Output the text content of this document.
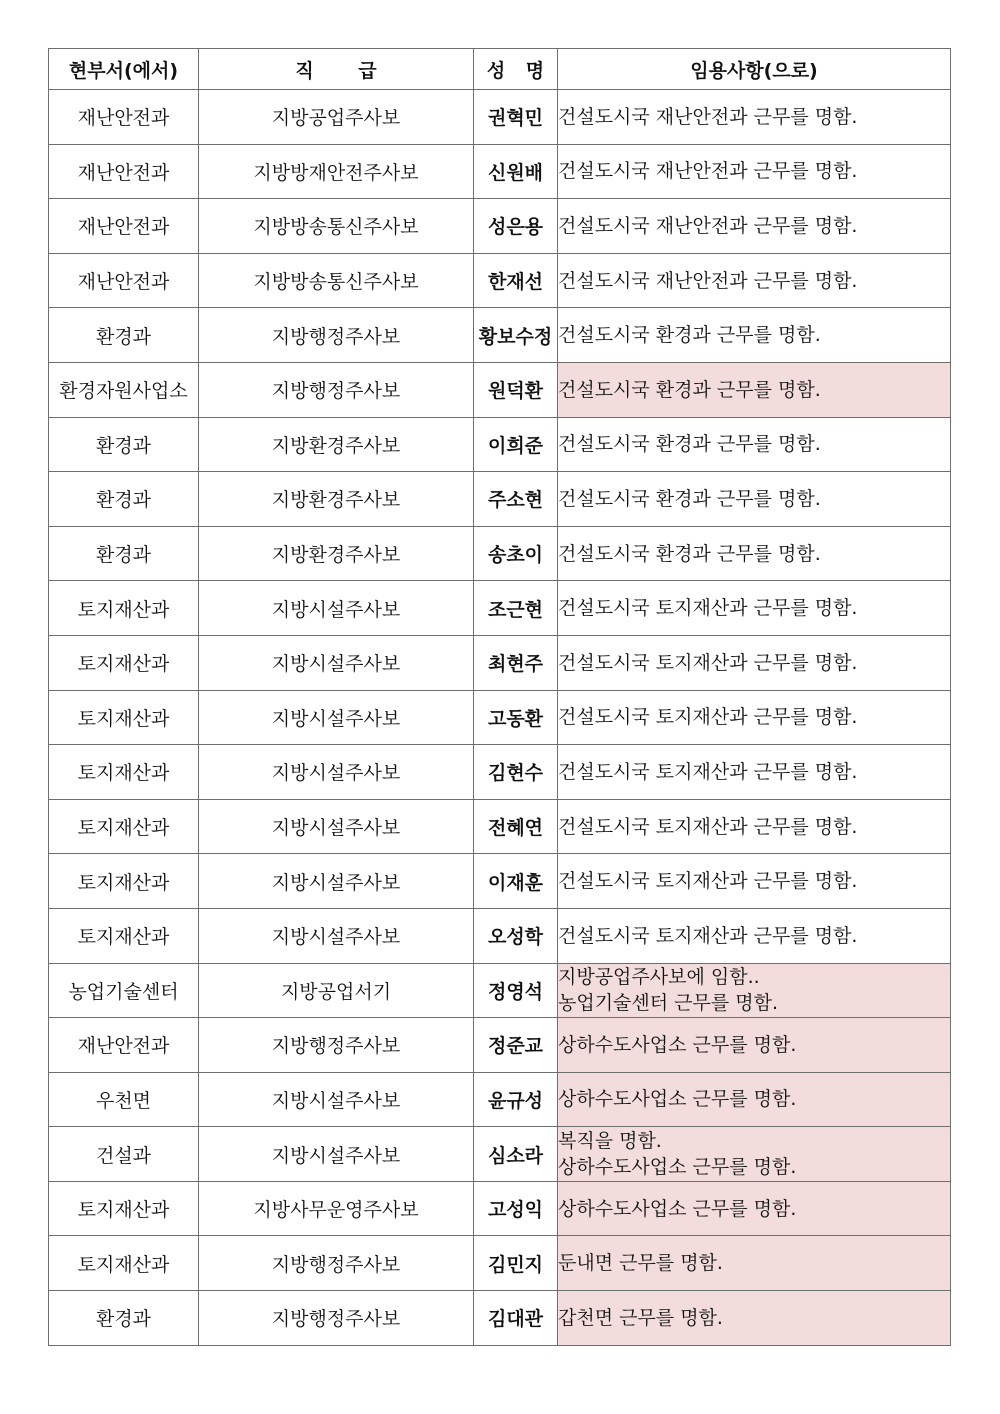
현부서(에서)	직 급	성 명	임용사항(으로)
재난안전과	지방공업주사보	권혁민	건설도시국 재난안전과 근무를 명함.

재난안전과	지방방재안전주사보	신원배	건설도시국 재난안전과 근무를 명함.

재난안전과	지방방송통신주사보	성은용	건설도시국 재난안전과 근무를 명함.

재난안전과	지방방송통신주사보	한재선	건설도시국 재난안전과 근무를 명함.

환경과	지방행정주사보	황보수정	건설도시국 환경과 근무를 명함.

환경자원사업소	지방행정주사보	원덕환	건설도시국 환경과 근무를 명함.

환경과	지방환경주사보	이희준	건설도시국 환경과 근무를 명함.

환경과	지방환경주사보	주소현	건설도시국 환경과 근무를 명함.

환경과	지방환경주사보	송초이	건설도시국 환경과 근무를 명함.

토지재산과	지방시설주사보	조근현	건설도시국 토지재산과 근무를 명함.

토지재산과	지방시설주사보	최현주	건설도시국 토지재산과 근무를 명함.

토지재산과	지방시설주사보	고동환	건설도시국 토지재산과 근무를 명함.

토지재산과	지방시설주사보	김현수	건설도시국 토지재산과 근무를 명함.

토지재산과	지방시설주사보	전혜연	건설도시국 토지재산과 근무를 명함.

토지재산과	지방시설주사보	이재훈	건설도시국 토지재산과 근무를 명함.

토지재산과	지방시설주사보	오성학	건설도시국 토지재산과 근무를 명함.

농업기술센터	지방공업서기	정영석	지방공업주사보에 임함..
농업기술센터 근무를 명함.

재난안전과	지방행정주사보	정준교	상하수도사업소 근무를 명함.

우천면	지방시설주사보	윤규성	상하수도사업소 근무를 명함.

건설과	지방시설주사보	심소라	복직을 명함.
상하수도사업소 근무를 명함.

토지재산과	지방사무운영주사보	고성익	상하수도사업소 근무를 명함.

토지재산과	지방행정주사보	김민지	둔내면 근무를 명함.

환경과	지방행정주사보	김대관	갑천면 근무를 명함.
